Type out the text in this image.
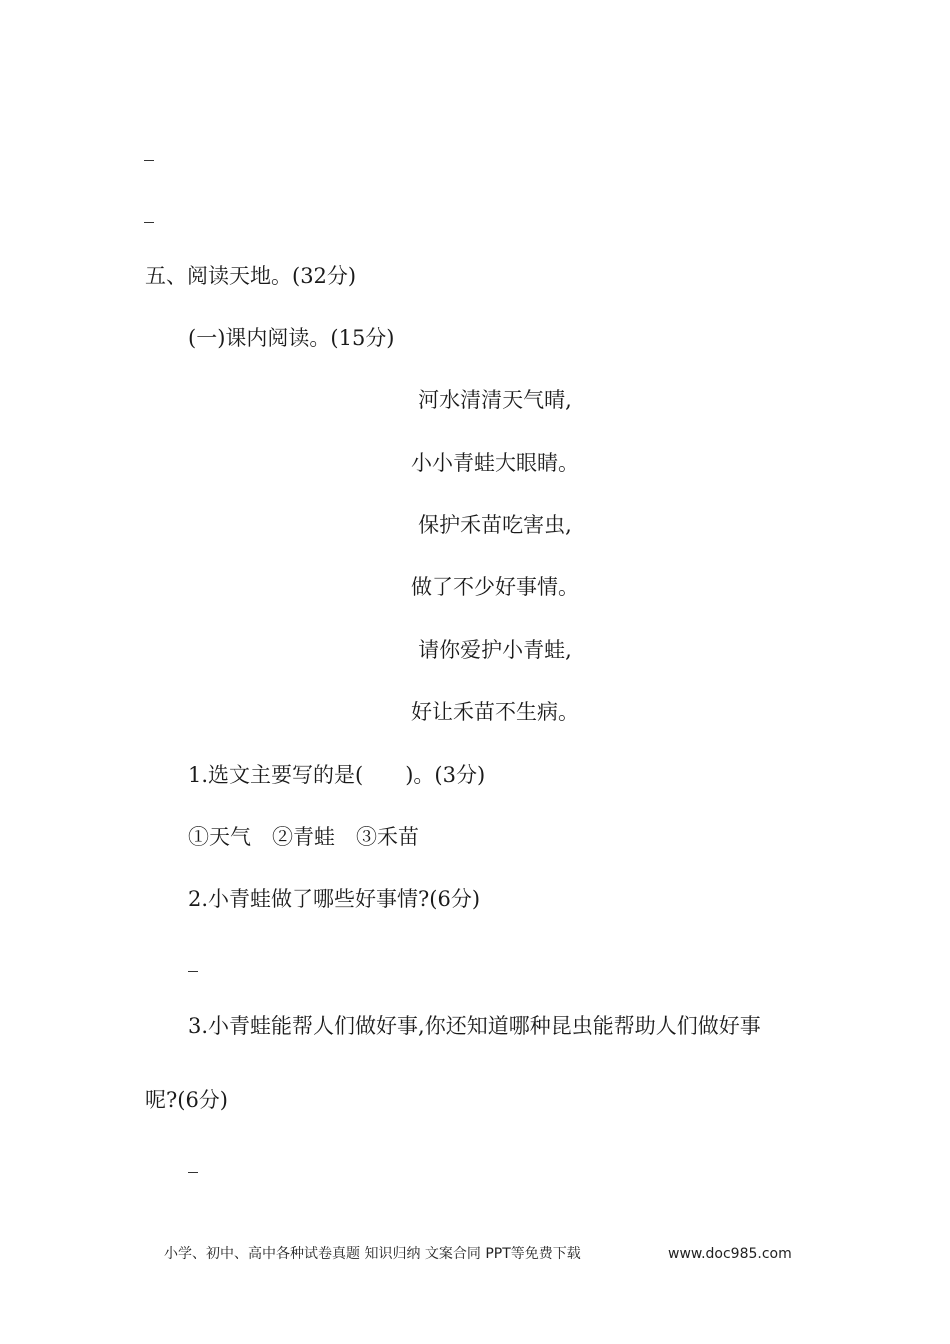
五、阅读天地。(32分)
(一)课内阅读。(15分)
河水清清天气晴,
小小青蛙大眼睛。
保护禾苗吃害虫,
做了不少好事情。
请你爱护小青蛙,
好让禾苗不生病。
1.选文主要写的是(　　)。(3分)
①天气　②青蛙　③禾苗
2.小青蛙做了哪些好事情?(6分)
3.小青蛙能帮人们做好事,你还知道哪种昆虫能帮助人们做好事
呢?(6分)
小学、初中、高中各种试卷真题 知识归纳 文案合同 PPT等免费下载	www.doc985.com
